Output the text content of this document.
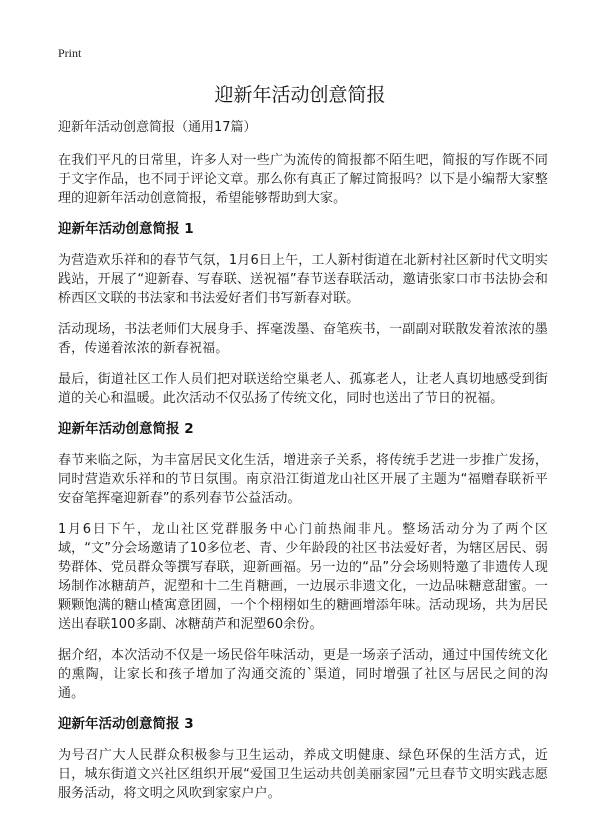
Print
迎新年活动创意简报
迎新年活动创意简报（通用17篇）

在我们平凡的日常里，许多人对一些广为流传的简报都不陌生吧，简报的写作既不同于文字作品，也不同于评论文章。那么你有真正了解过简报吗？以下是小编帮大家整理的迎新年活动创意简报，希望能够帮助到大家。

迎新年活动创意简报 1

为营造欢乐祥和的春节气氛，1月6日上午，工人新村街道在北新村社区新时代文明实践站，开展了“迎新春、写春联、送祝福”春节送春联活动，邀请张家口市书法协会和桥西区文联的书法家和书法爱好者们书写新春对联。

活动现场，书法老师们大展身手、挥毫泼墨、奋笔疾书，一副副对联散发着浓浓的墨香，传递着浓浓的新春祝福。

最后，街道社区工作人员们把对联送给空巢老人、孤寡老人，让老人真切地感受到街道的关心和温暖。此次活动不仅弘扬了传统文化，同时也送出了节日的祝福。

迎新年活动创意简报 2

春节来临之际，为丰富居民文化生活，增进亲子关系，将传统手艺进一步推广发扬，同时营造欢乐祥和的节日氛围。南京沿江街道龙山社区开展了主题为“福赠春联祈平安奋笔挥毫迎新春”的系列春节公益活动。

1月6日下午，龙山社区党群服务中心门前热闹非凡。整场活动分为了两个区域，“文”分会场邀请了10多位老、青、少年龄段的社区书法爱好者，为辖区居民、弱势群体、党员群众等撰写春联，迎新画福。另一边的“品”分会场则特邀了非遗传人现场制作冰糖葫芦，泥塑和十二生肖糖画，一边展示非遗文化，一边品味糖意甜蜜。一颗颗饱满的糖山楂寓意团圆，一个个栩栩如生的糖画增添年味。活动现场，共为居民送出春联100多副、冰糖葫芦和泥塑60余份。

据介绍，本次活动不仅是一场民俗年味活动，更是一场亲子活动，通过中国传统文化的熏陶，让家长和孩子增加了沟通交流的`渠道，同时增强了社区与居民之间的沟通。

迎新年活动创意简报 3

为号召广大人民群众积极参与卫生运动，养成文明健康、绿色环保的生活方式，近日，城东街道文兴社区组织开展“爱国卫生运动共创美丽家园”元旦春节文明实践志愿服务活动，将文明之风吹到家家户户。
